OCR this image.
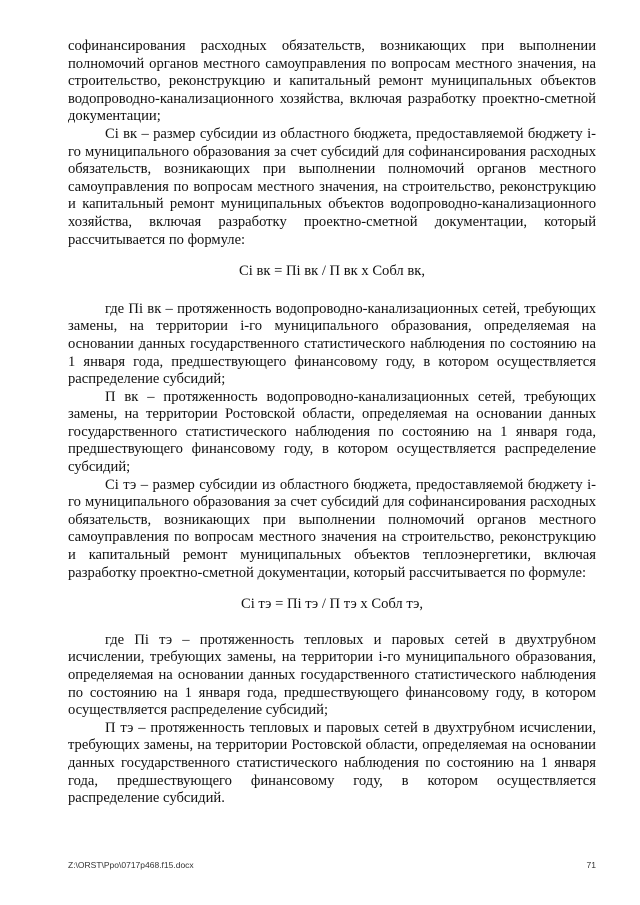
софинансирования расходных обязательств, возникающих при выполнении полномочий органов местного самоуправления по вопросам местного значения, на строительство, реконструкцию и капитальный ремонт муниципальных объектов водопроводно-канализационного хозяйства, включая разработку проектно-сметной документации;

Ci вк – размер субсидии из областного бюджета, предоставляемой бюджету i-го муниципального образования за счет субсидий для софинансирования расходных обязательств, возникающих при выполнении полномочий органов местного самоуправления по вопросам местного значения, на строительство, реконструкцию и капитальный ремонт муниципальных объектов водопроводно-канализационного хозяйства, включая разработку проектно-сметной документации, который рассчитывается по формуле:

Ci вк = Пi вк / П вк х Собл вк,

где Пi вк – протяженность водопроводно-канализационных сетей, требующих замены, на территории i-го муниципального образования, определяемая на основании данных государственного статистического наблюдения по состоянию на 1 января года, предшествующего финансовому году, в котором осуществляется распределение субсидий;

П вк – протяженность водопроводно-канализационных сетей, требующих замены, на территории Ростовской области, определяемая на основании данных государственного статистического наблюдения по состоянию на 1 января года, предшествующего финансовому году, в котором осуществляется распределение субсидий;

Ci тэ – размер субсидии из областного бюджета, предоставляемой бюджету i-го муниципального образования за счет субсидий для софинансирования расходных обязательств, возникающих при выполнении полномочий органов местного самоуправления по вопросам местного значения на строительство, реконструкцию и капитальный ремонт муниципальных объектов теплоэнергетики, включая разработку проектно-сметной документации, который рассчитывается по формуле:

Ci тэ = Пi тэ / П тэ х Собл тэ,

где Пi тэ – протяженность тепловых и паровых сетей в двухтрубном исчислении, требующих замены, на территории i-го муниципального образования, определяемая на основании данных государственного статистического наблюдения по состоянию на 1 января года, предшествующего финансовому году, в котором осуществляется распределение субсидий;

П тэ – протяженность тепловых и паровых сетей в двухтрубном исчислении, требующих замены, на территории Ростовской области, определяемая на основании данных государственного статистического наблюдения по состоянию на 1 января года, предшествующего финансовому году, в котором осуществляется распределение субсидий.

Z:\ORST\Ppo\0717p468.f15.docx	71
